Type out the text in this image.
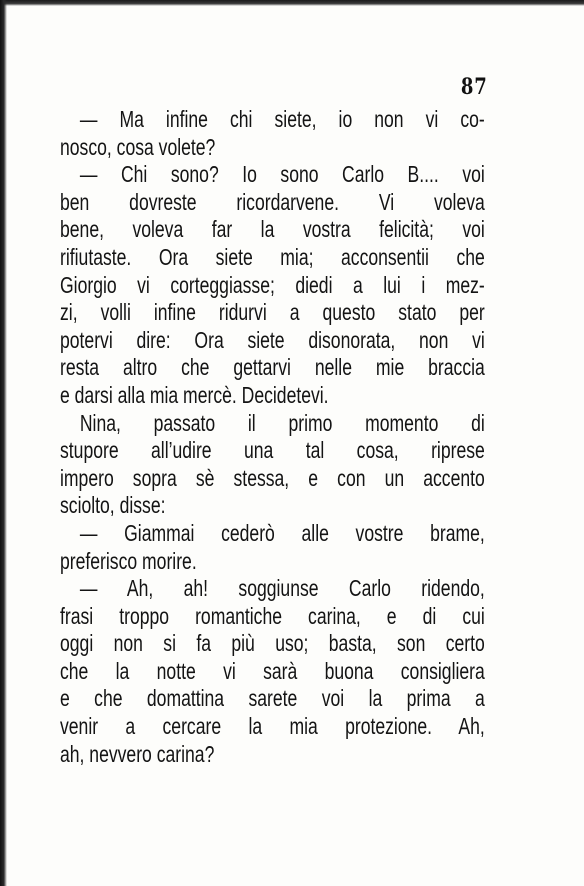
87
— Ma infine chi siete, io non vi co-
nosco, cosa volete?
— Chi sono? Io sono Carlo B.... voi
ben dovreste ricordarvene. Vi voleva
bene, voleva far la vostra felicità; voi
rifiutaste. Ora siete mia; acconsentii che
Giorgio vi corteggiasse; diedi a lui i mez-
zi, volli infine ridurvi a questo stato per
potervi dire: Ora siete disonorata, non vi
resta altro che gettarvi nelle mie braccia
e darsi alla mia mercè. Decidetevi.
Nina, passato il primo momento di
stupore all’udire una tal cosa, riprese
impero sopra sè stessa, e con un accento
sciolto, disse:
— Giammai cederò alle vostre brame,
preferisco morire.
— Ah, ah! soggiunse Carlo ridendo,
frasi troppo romantiche carina, e di cui
oggi non si fa più uso; basta, son certo
che la notte vi sarà buona consigliera
e che domattina sarete voi la prima a
venir a cercare la mia protezione. Ah,
ah, nevvero carina?
